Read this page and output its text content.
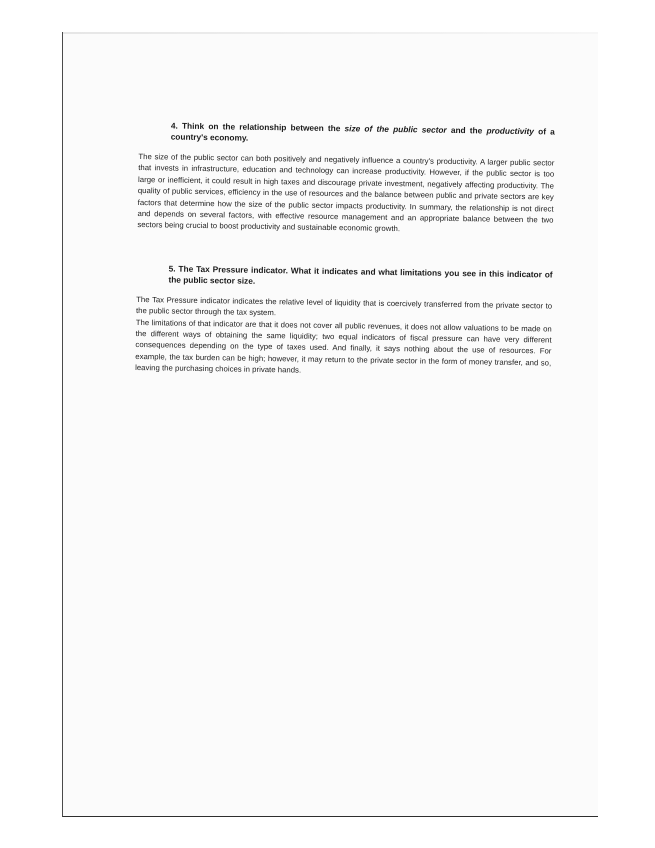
4. Think on the relationship between the size of the public sector and the productivity of a country's economy.

The size of the public sector can both positively and negatively influence a country's productivity. A larger public sector that invests in infrastructure, education and technology can increase productivity. However, if the public sector is too large or inefficient, it could result in high taxes and discourage private investment, negatively affecting productivity. The quality of public services, efficiency in the use of resources and the balance between public and private sectors are key factors that determine how the size of the public sector impacts productivity. In summary, the relationship is not direct and depends on several factors, with effective resource management and an appropriate balance between the two sectors being crucial to boost productivity and sustainable economic growth.

5. The Tax Pressure indicator. What it indicates and what limitations you see in this indicator of the public sector size.

The Tax Pressure indicator indicates the relative level of liquidity that is coercively transferred from the private sector to the public sector through the tax system.

The limitations of that indicator are that it does not cover all public revenues, it does not allow valuations to be made on the different ways of obtaining the same liquidity; two equal indicators of fiscal pressure can have very different consequences depending on the type of taxes used. And finally, it says nothing about the use of resources. For example, the tax burden can be high; however, it may return to the private sector in the form of money transfer, and so, leaving the purchasing choices in private hands.
